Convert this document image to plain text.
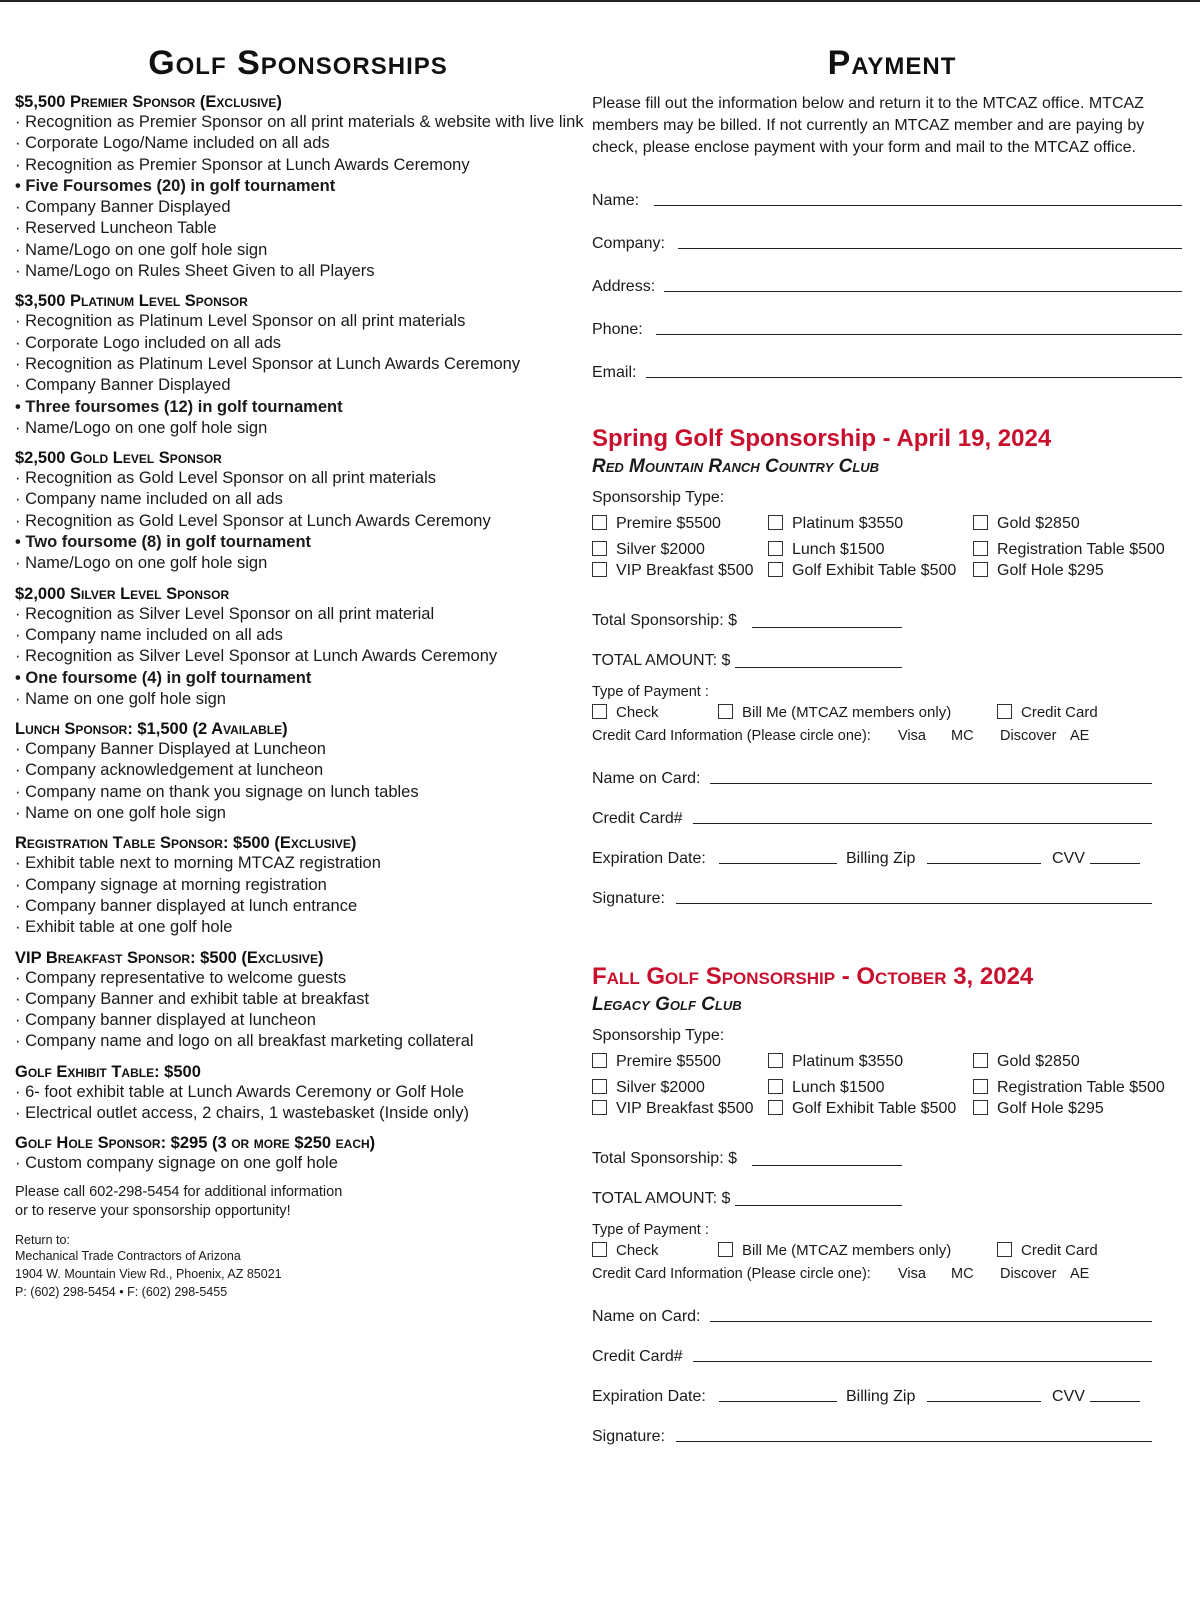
Golf Sponsorships
$5,500 Premier Sponsor (Exclusive)
· Recognition as Premier Sponsor on all print materials & website with live link
· Corporate Logo/Name included on all ads
· Recognition as Premier Sponsor at Lunch Awards Ceremony
• Five Foursomes (20) in golf tournament
· Company Banner Displayed
· Reserved Luncheon Table
· Name/Logo on one golf hole sign
· Name/Logo on Rules Sheet Given to all Players
$3,500 Platinum Level Sponsor
· Recognition as Platinum Level Sponsor on all print materials
· Corporate Logo included on all ads
· Recognition as Platinum Level Sponsor at Lunch Awards Ceremony
· Company Banner Displayed
• Three foursomes (12) in golf tournament
· Name/Logo on one golf hole sign
$2,500 Gold Level Sponsor
· Recognition as Gold Level Sponsor on all print materials
· Company name included on all ads
· Recognition as Gold Level Sponsor at Lunch Awards Ceremony
• Two foursome (8) in golf tournament
· Name/Logo on one golf hole sign
$2,000 Silver Level Sponsor
· Recognition as Silver Level Sponsor on all print material
· Company name included on all ads
· Recognition as Silver Level Sponsor at Lunch Awards Ceremony
• One foursome (4) in golf tournament
· Name on one golf hole sign
Lunch Sponsor: $1,500 (2 Available)
· Company Banner Displayed at Luncheon
· Company acknowledgement at luncheon
· Company name on thank you signage on lunch tables
· Name on one golf hole sign
Registration Table Sponsor: $500 (Exclusive)
· Exhibit table next to morning MTCAZ registration
· Company signage at morning registration
· Company banner displayed at lunch entrance
· Exhibit table at one golf hole
VIP Breakfast Sponsor: $500 (Exclusive)
· Company representative to welcome guests
· Company Banner and exhibit table at breakfast
· Company banner displayed at luncheon
· Company name and logo on all breakfast marketing collateral
Golf Exhibit Table: $500
· 6- foot exhibit table at Lunch Awards Ceremony or Golf Hole
· Electrical outlet access, 2 chairs, 1 wastebasket (Inside only)
Golf Hole Sponsor: $295 (3 or more $250 each)
· Custom company signage on one golf hole
Please call 602-298-5454 for additional information
or to reserve your sponsorship opportunity!
Return to:
Mechanical Trade Contractors of Arizona
1904 W. Mountain View Rd., Phoenix, AZ 85021
P: (602) 298-5454 • F: (602) 298-5455
Payment
Please fill out the information below and return it to the MTCAZ office. MTCAZ members may be billed. If not currently an MTCAZ member and are paying by check, please enclose payment with your form and mail to the MTCAZ office.
Name:
Company:
Address:
Phone:
Email:
Spring Golf Sponsorship - April 19, 2024
Red Mountain Ranch Country Club
Sponsorship Type:
Premire $5500	Platinum $3550	Gold $2850
Silver $2000	Lunch $1500	Registration Table $500
VIP Breakfast $500	Golf Exhibit Table $500	Golf Hole $295
Total Sponsorship: $
TOTAL AMOUNT: $
Type of Payment :
Check	Bill Me (MTCAZ members only)	Credit Card
Credit Card Information (Please circle one): Visa MC Discover AE
Name on Card:
Credit Card#
Expiration Date:	Billing Zip	CVV
Signature:
Fall Golf Sponsorship - October 3, 2024
Legacy Golf Club
Sponsorship Type:
Premire $5500	Platinum $3550	Gold $2850
Silver $2000	Lunch $1500	Registration Table $500
VIP Breakfast $500	Golf Exhibit Table $500	Golf Hole $295
Total Sponsorship: $
TOTAL AMOUNT: $
Type of Payment :
Check	Bill Me (MTCAZ members only)	Credit Card
Credit Card Information (Please circle one): Visa MC Discover AE
Name on Card:
Credit Card#
Expiration Date:	Billing Zip	CVV
Signature:
